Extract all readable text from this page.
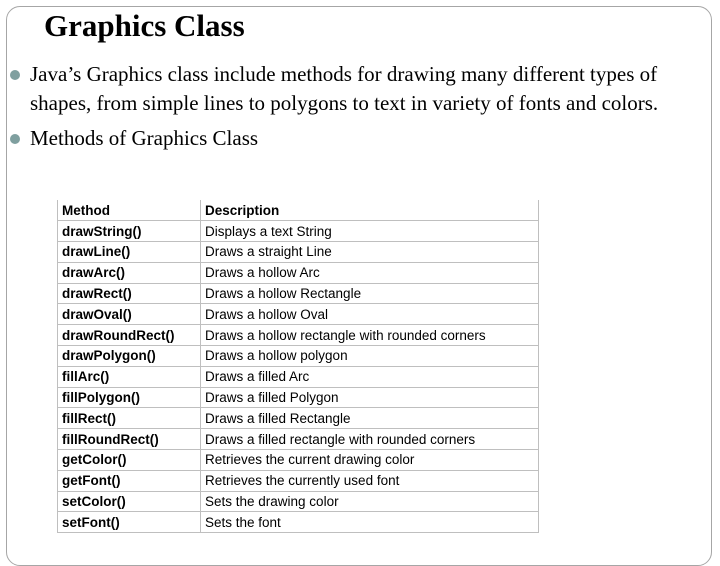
Graphics Class
Java’s Graphics class include methods for drawing many different types of shapes, from simple lines to polygons to text in variety of fonts and colors.
Methods of Graphics Class
Method	Description
drawString()	Displays a text String
drawLine()	Draws a straight Line
drawArc()	Draws a hollow Arc
drawRect()	Draws a hollow Rectangle
drawOval()	Draws a hollow Oval
drawRoundRect()	Draws a hollow rectangle with rounded corners
drawPolygon()	Draws a hollow polygon
fillArc()	Draws a filled Arc
fillPolygon()	Draws a filled Polygon
fillRect()	Draws a filled Rectangle
fillRoundRect()	Draws a filled rectangle with rounded corners
getColor()	Retrieves the current drawing color
getFont()	Retrieves the currently used font
setColor()	Sets the drawing color
setFont()	Sets the font
